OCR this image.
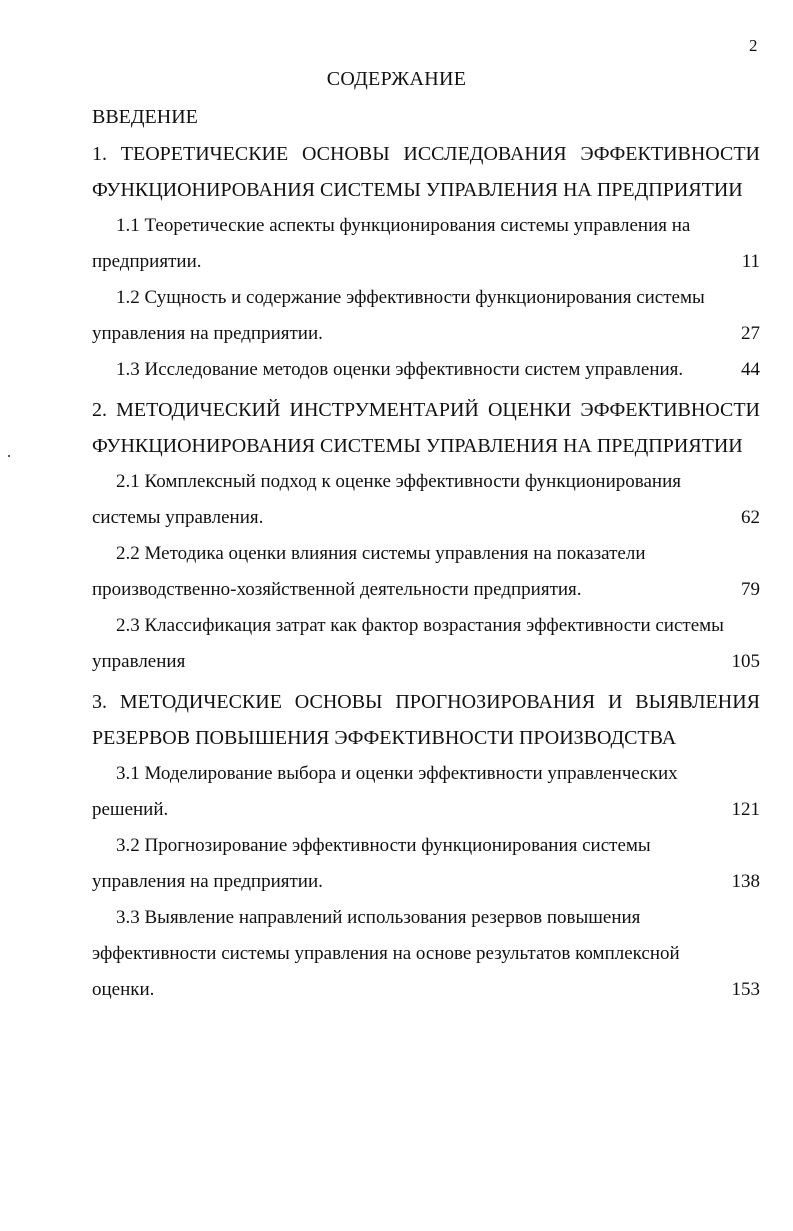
2
СОДЕРЖАНИЕ
ВВЕДЕНИЕ
1. ТЕОРЕТИЧЕСКИЕ ОСНОВЫ ИССЛЕДОВАНИЯ ЭФФЕКТИВНОСТИ
ФУНКЦИОНИРОВАНИЯ СИСТЕМЫ УПРАВЛЕНИЯ НА ПРЕДПРИЯТИИ
1.1 Теоретические аспекты функционирования системы управления на
предприятии.	11
1.2 Сущность и содержание эффективности функционирования системы
управления на предприятии.	27
1.3 Исследование методов оценки эффективности систем управления.	44
2. МЕТОДИЧЕСКИЙ ИНСТРУМЕНТАРИЙ ОЦЕНКИ ЭФФЕКТИВНОСТИ
ФУНКЦИОНИРОВАНИЯ СИСТЕМЫ УПРАВЛЕНИЯ НА ПРЕДПРИЯТИИ
2.1 Комплексный подход к оценке эффективности функционирования
системы управления.	62
2.2 Методика оценки влияния системы управления на показатели
производственно-хозяйственной деятельности предприятия.	79
2.3 Классификация затрат как фактор возрастания эффективности системы
управления	105
3. МЕТОДИЧЕСКИЕ ОСНОВЫ ПРОГНОЗИРОВАНИЯ И ВЫЯВЛЕНИЯ
РЕЗЕРВОВ ПОВЫШЕНИЯ ЭФФЕКТИВНОСТИ ПРОИЗВОДСТВА
3.1 Моделирование выбора и оценки эффективности управленческих
решений.	121
3.2 Прогнозирование эффективности функционирования системы
управления на предприятии.	138
3.3 Выявление направлений использования резервов повышения
эффективности системы управления на основе результатов комплексной
оценки.	153
